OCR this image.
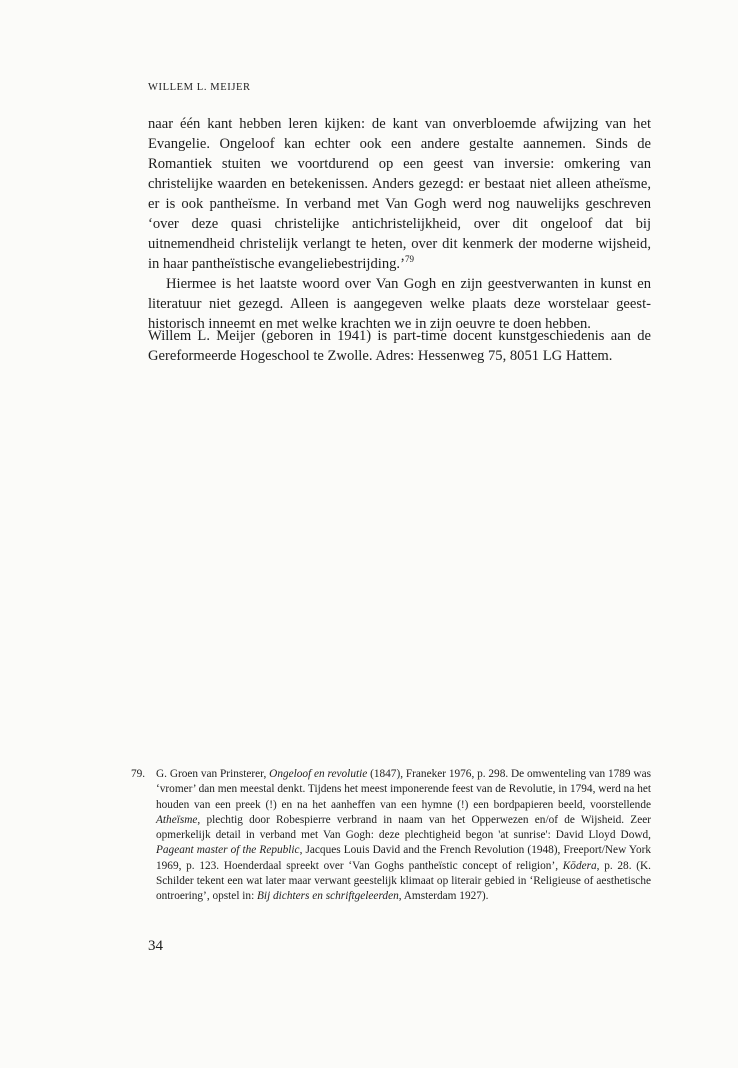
WILLEM L. MEIJER

naar één kant hebben leren kijken: de kant van onverbloemde afwijzing van het Evangelie. Ongeloof kan echter ook een andere gestalte aannemen. Sinds de Romantiek stuiten we voortdurend op een geest van inversie: omkering van christelijke waarden en betekenissen. Anders gezegd: er bestaat niet alleen atheïsme, er is ook pantheïsme. In verband met Van Gogh werd nog nauwelijks geschreven ‘over deze quasi christelijke antichristelijkheid, over dit ongeloof dat bij uitnemendheid christelijk verlangt te heten, over dit kenmerk der moderne wijsheid, in haar pantheïstische evangeliebestrijding.’$^{79}$

Hiermee is het laatste woord over Van Gogh en zijn geestverwanten in kunst en literatuur niet gezegd. Alleen is aangegeven welke plaats deze worstelaar geesthistorisch inneemt en met welke krachten we in zijn oeuvre te doen hebben.

Willem L. Meijer (geboren in 1941) is part-time docent kunstgeschiedenis aan de Gereformeerde Hogeschool te Zwolle. Adres: Hessenweg 75, 8051 LG Hattem.

79. G. Groen van Prinsterer, Ongeloof en revolutie (1847), Franeker 1976, p. 298. De omwenteling van 1789 was ‘vromer’ dan men meestal denkt. Tijdens het meest imponerende feest van de Revolutie, in 1794, werd na het houden van een preek (!) en na het aanheffen van een hymne (!) een bordpapieren beeld, voorstellende Atheïsme, plechtig door Robespierre verbrand in naam van het Opperwezen en/of de Wijsheid. Zeer opmerkelijk detail in verband met Van Gogh: deze plechtigheid begon 'at sunrise': David Lloyd Dowd, Pageant master of the Republic, Jacques Louis David and the French Revolution (1948), Freeport/New York 1969, p. 123. Hoenderdaal spreekt over ‘Van Goghs pantheïstic concept of religion’, Kōdera, p. 28. (K. Schilder tekent een wat later maar verwant geestelijk klimaat op literair gebied in ‘Religieuse of aesthetische ontroering’, opstel in: Bij dichters en schriftgeleerden, Amsterdam 1927).
34
